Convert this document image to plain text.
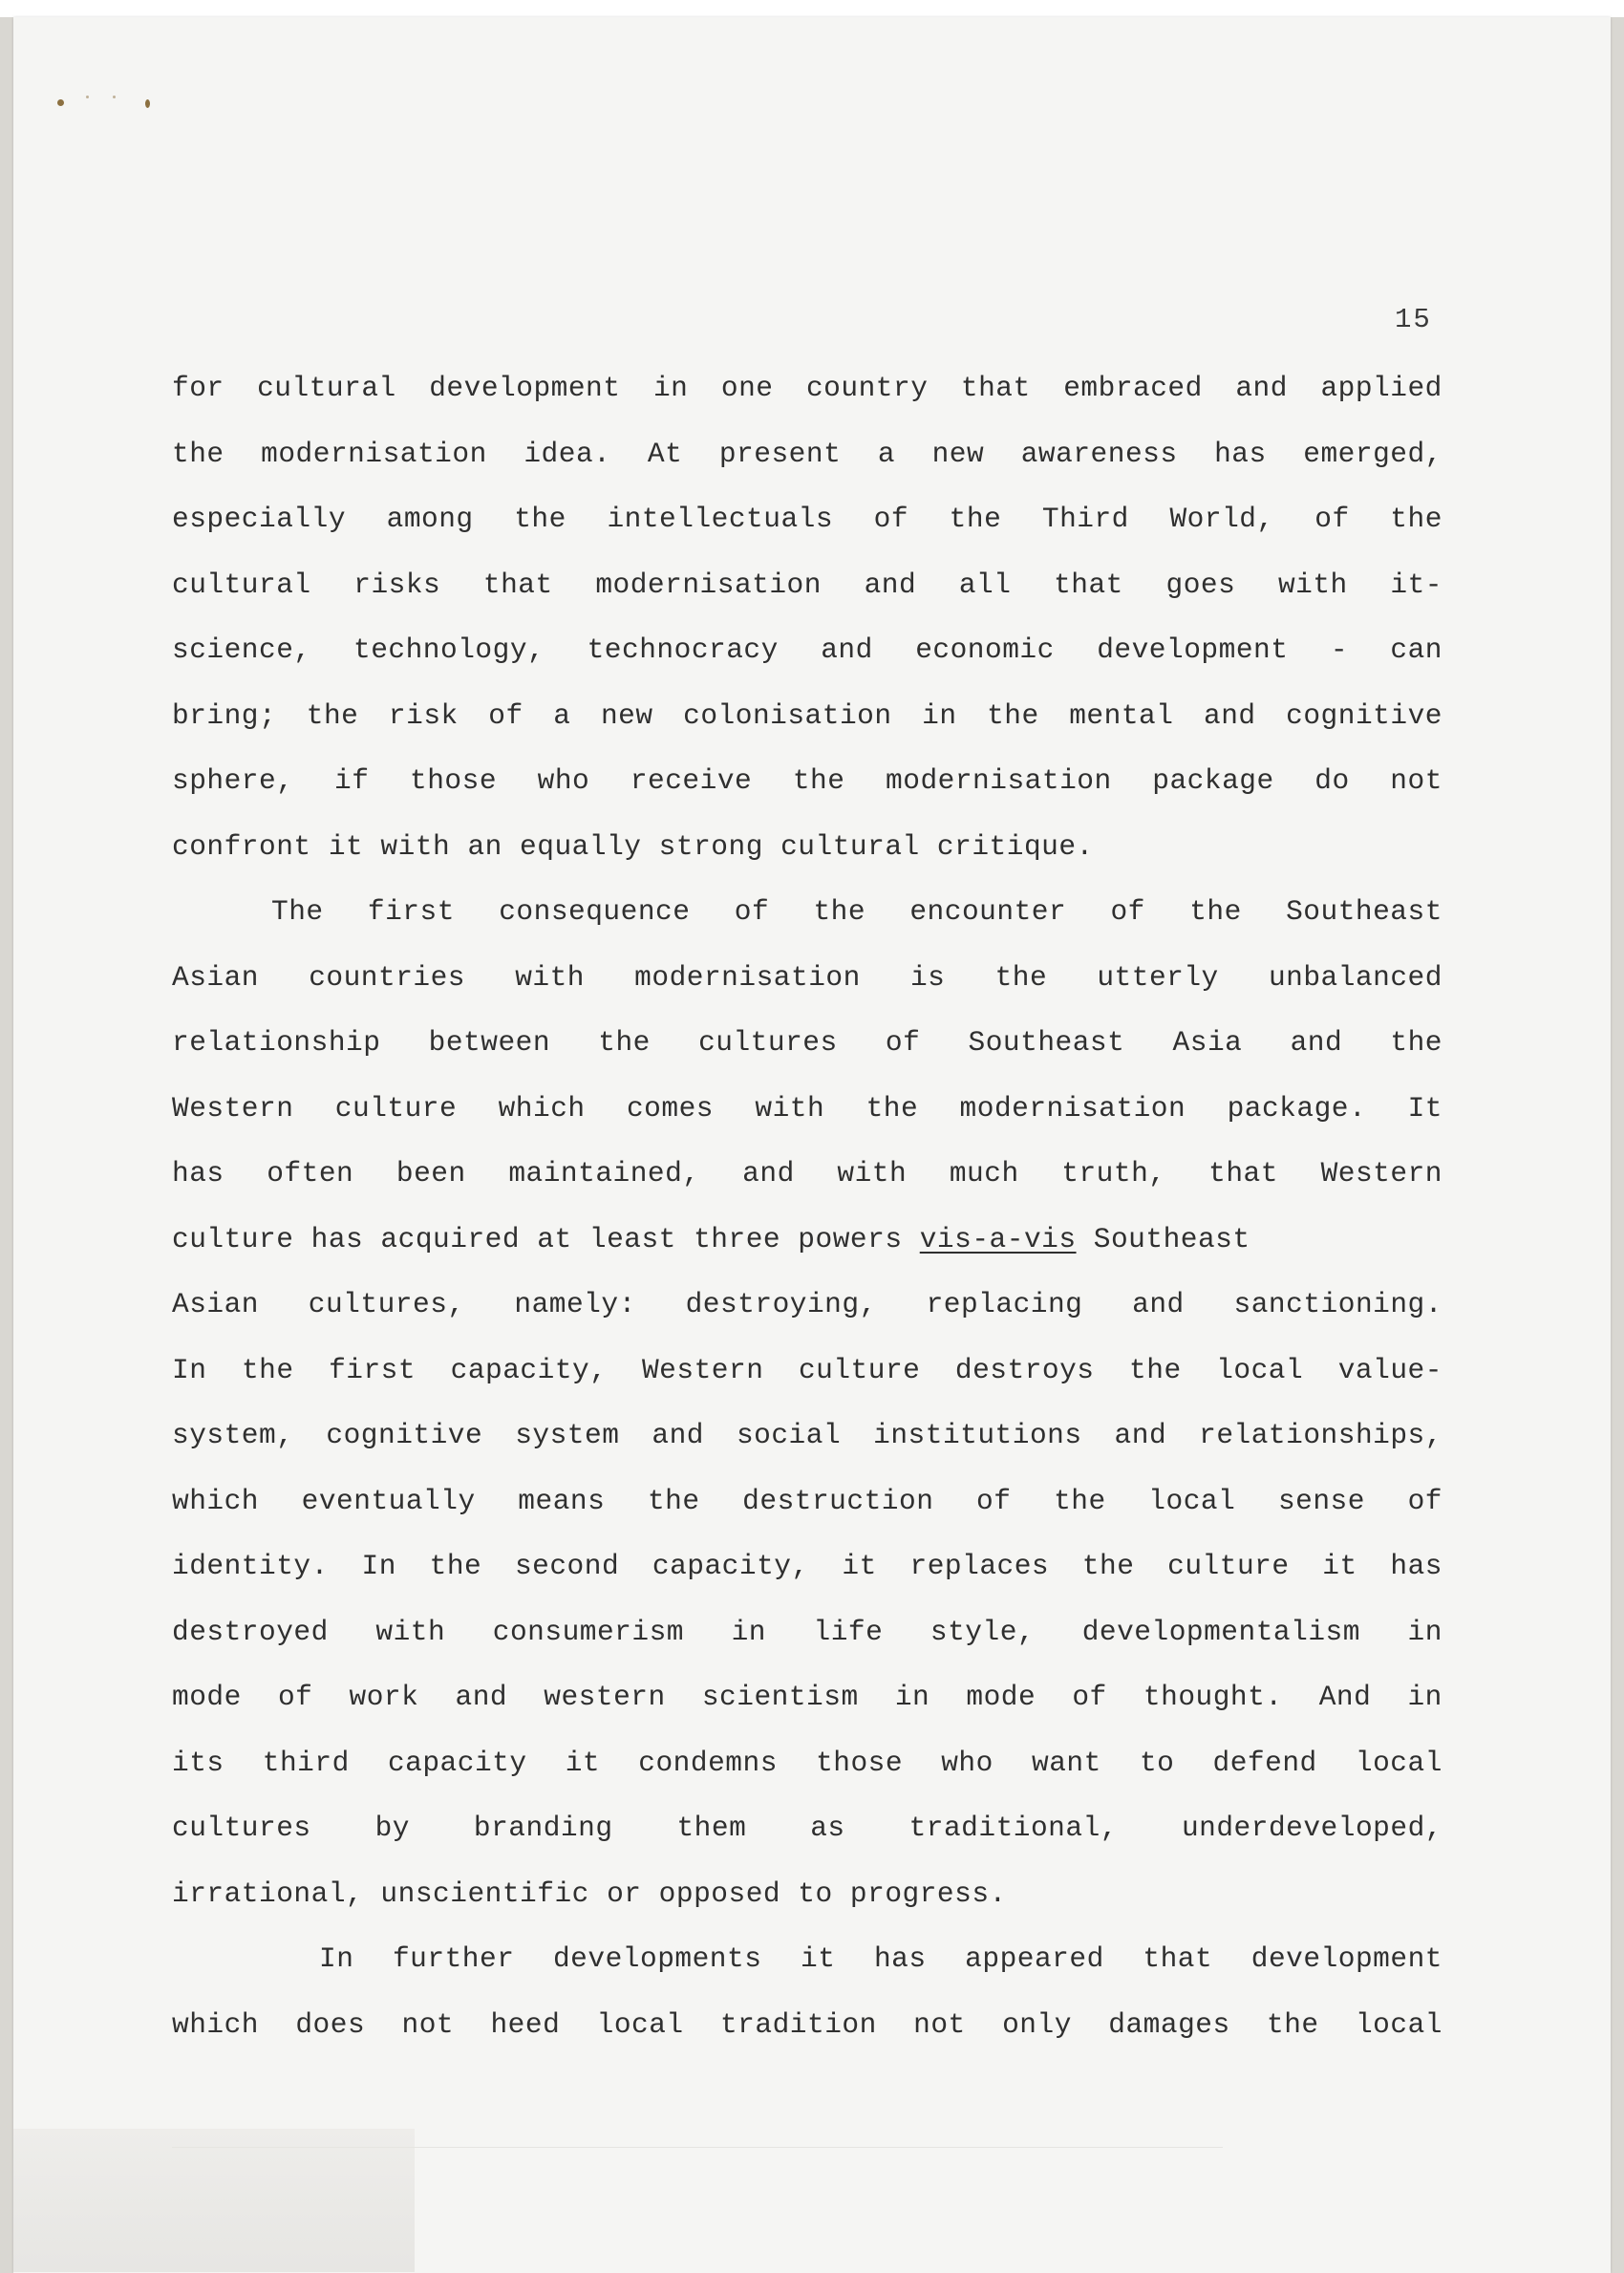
15
for cultural development in one country that embraced and applied
the modernisation idea. At present a new awareness has emerged,
especially among the intellectuals of the Third World, of the
cultural risks that modernisation and all that goes with it-
science, technology, technocracy and economic development - can
bring; the risk of a new colonisation in the mental and cognitive
sphere, if those who receive the modernisation package do not
confront it with an equally strong cultural critique.
The first consequence of the encounter of the Southeast
Asian countries with modernisation is the utterly unbalanced
relationship between the cultures of Southeast Asia and the
Western culture which comes with the modernisation package. It
has often been maintained, and with much truth, that Western
culture has acquired at least three powers
vis-a-vis
Southeast
Asian cultures, namely: destroying, replacing and sanctioning.
In the first capacity, Western culture destroys the local value-
system, cognitive system and social institutions and relationships,
which eventually means the destruction of the local sense of
identity. In the second capacity, it replaces the culture it has
destroyed with consumerism in life style, developmentalism in
mode of work and western scientism in mode of thought. And in
its third capacity it condemns those who want to defend local
cultures by branding them as traditional, underdeveloped,
irrational, unscientific or opposed to progress.
In further developments it has appeared that development
which does not heed local tradition not only damages the local
